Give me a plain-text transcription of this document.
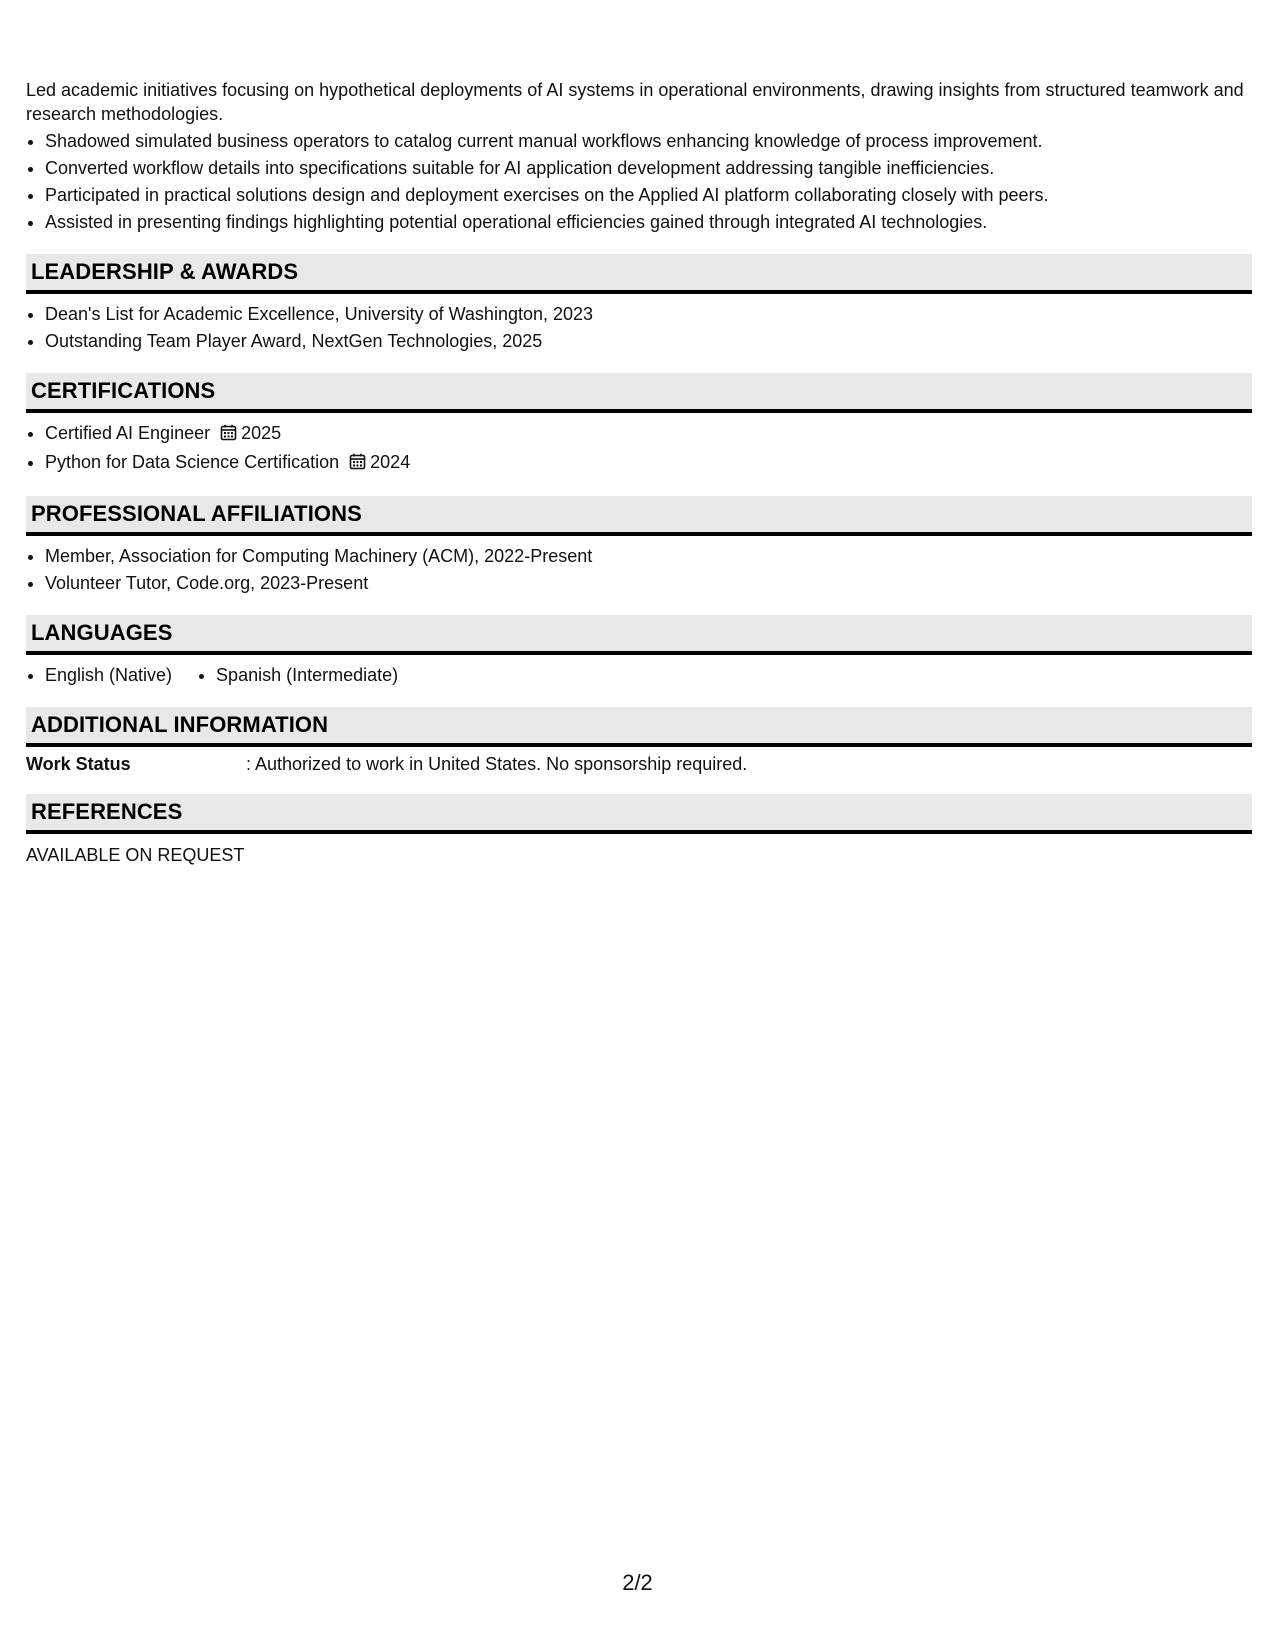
Led academic initiatives focusing on hypothetical deployments of AI systems in operational environments, drawing insights from structured teamwork and research methodologies.

• Shadowed simulated business operators to catalog current manual workflows enhancing knowledge of process improvement.
• Converted workflow details into specifications suitable for AI application development addressing tangible inefficiencies.
• Participated in practical solutions design and deployment exercises on the Applied AI platform collaborating closely with peers.
• Assisted in presenting findings highlighting potential operational efficiencies gained through integrated AI technologies.
LEADERSHIP & AWARDS
• Dean's List for Academic Excellence, University of Washington, 2023
• Outstanding Team Player Award, NextGen Technologies, 2025
CERTIFICATIONS
• Certified AI Engineer 2025
• Python for Data Science Certification 2024
PROFESSIONAL AFFILIATIONS
• Member, Association for Computing Machinery (ACM), 2022-Present
• Volunteer Tutor, Code.org, 2023-Present
LANGUAGES
• English (Native)
• Spanish (Intermediate)
ADDITIONAL INFORMATION
Work Status	: Authorized to work in United States. No sponsorship required.
REFERENCES
AVAILABLE ON REQUEST
2/2
